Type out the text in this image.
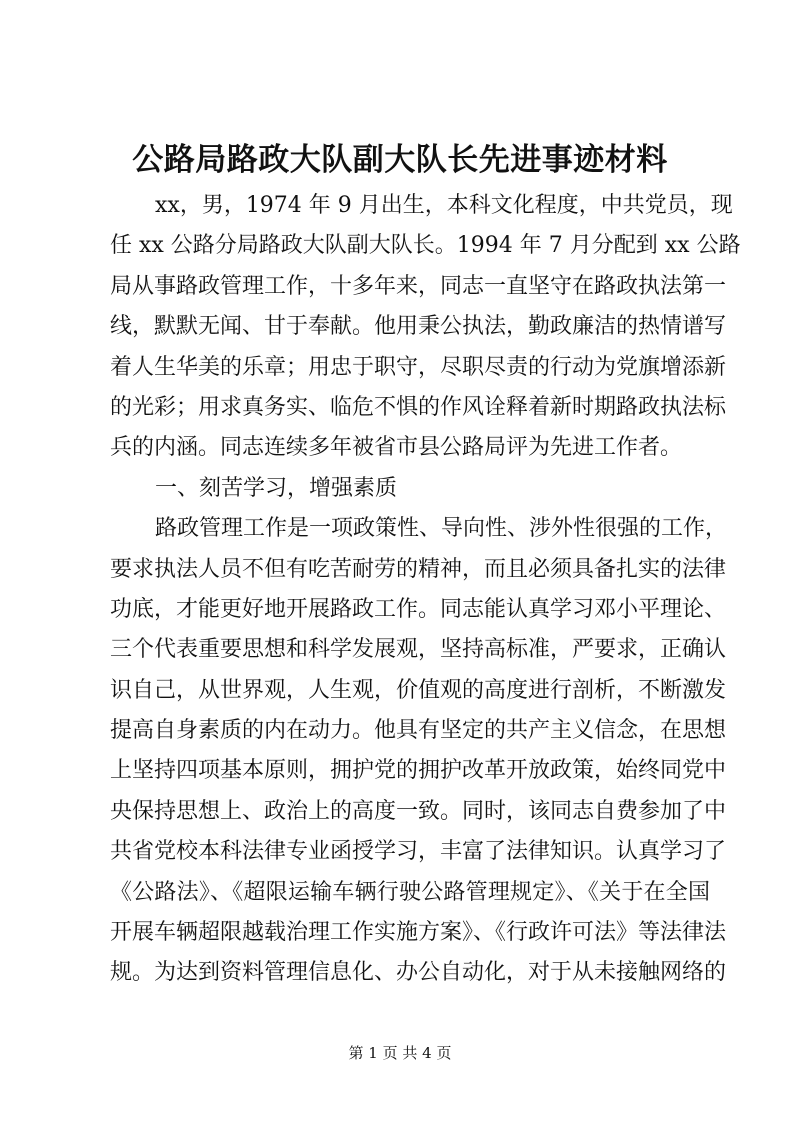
公路局路政大队副大队长先进事迹材料
xx，男，1974 年 9 月出生，本科文化程度，中共党员，现
任 xx 公路分局路政大队副大队长。1994 年 7 月分配到 xx 公路
局从事路政管理工作，十多年来，同志一直坚守在路政执法第一
线，默默无闻、甘于奉献。他用秉公执法，勤政廉洁的热情谱写
着人生华美的乐章；用忠于职守，尽职尽责的行动为党旗增添新
的光彩；用求真务实、临危不惧的作风诠释着新时期路政执法标
兵的内涵。同志连续多年被省市县公路局评为先进工作者。
一、刻苦学习，增强素质
路政管理工作是一项政策性、导向性、涉外性很强的工作，
要求执法人员不但有吃苦耐劳的精神，而且必须具备扎实的法律
功底，才能更好地开展路政工作。同志能认真学习邓小平理论、
三个代表重要思想和科学发展观，坚持高标准，严要求，正确认
识自己，从世界观，人生观，价值观的高度进行剖析，不断激发
提高自身素质的内在动力。他具有坚定的共产主义信念，在思想
上坚持四项基本原则，拥护党的拥护改革开放政策，始终同党中
央保持思想上、政治上的高度一致。同时，该同志自费参加了中
共省党校本科法律专业函授学习，丰富了法律知识。认真学习了
《公路法》、《超限运输车辆行驶公路管理规定》、《关于在全国
开展车辆超限越载治理工作实施方案》、《行政许可法》等法律法
规。为达到资料管理信息化、办公自动化，对于从未接触网络的
第 1 页 共 4 页
